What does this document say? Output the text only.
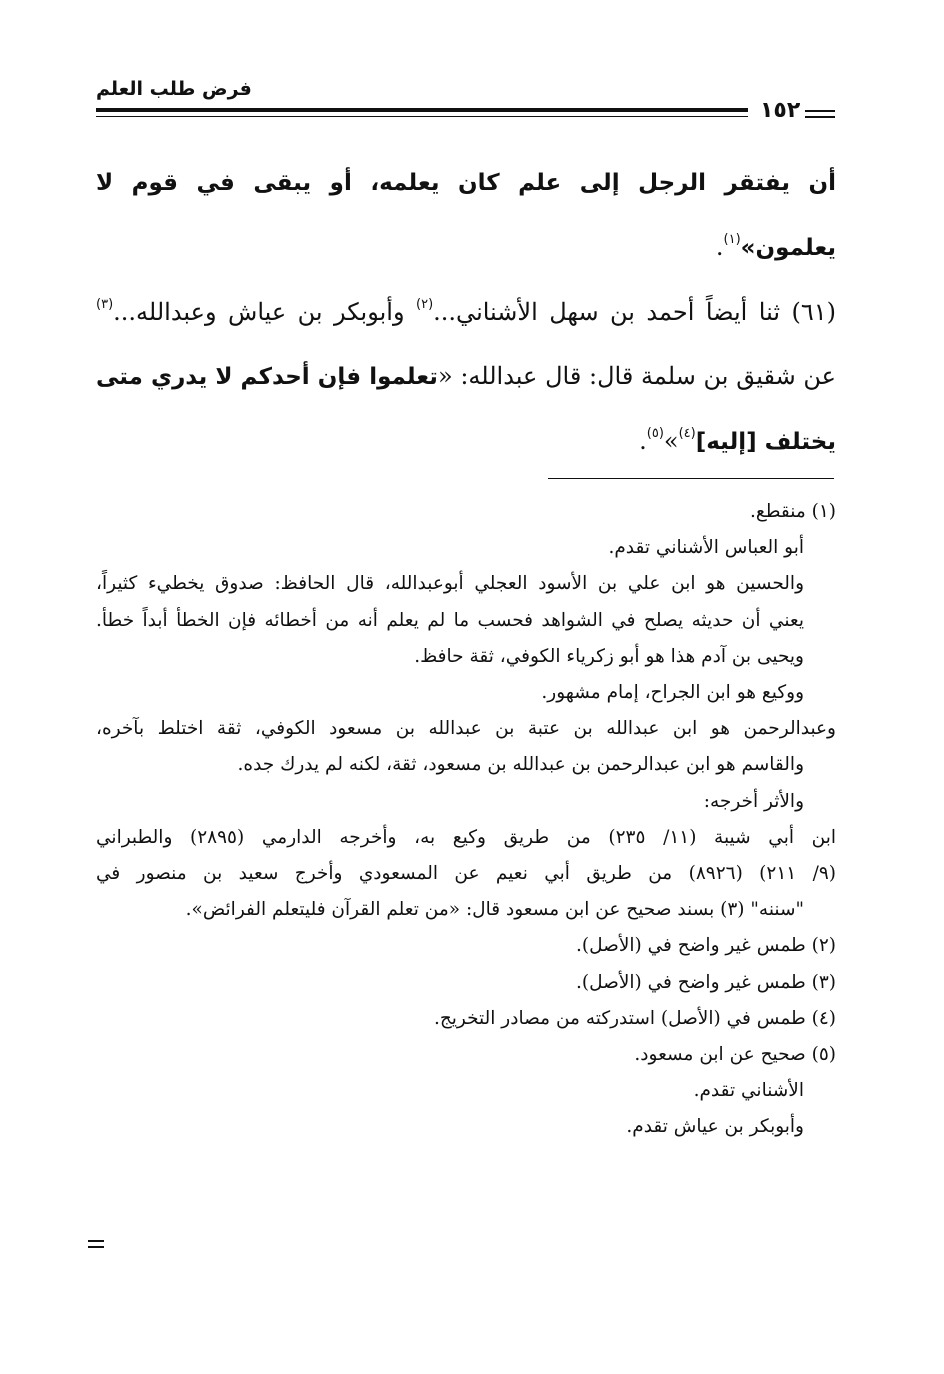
فرض طلب العلم
١٥٢

أن يفتقر الرجل إلى علم كان يعلمه، أو يبقى في قوم لا يعلمون»$^{(١)}$.

(٦١) ثنا أيضاً أحمد بن سهل الأشناني...$^{(٢)}$ وأبوبكر بن عياش وعبدالله...$^{(٣)}$ عن شقيق بن سلمة قال: قال عبدالله: «تعلموا فإن أحدكم لا يدري متى يختلف [إليه]$^{(٤)}$»$^{(٥)}$.

(١) منقطع.

أبو العباس الأشناني تقدم.

والحسين هو ابن علي بن الأسود العجلي أبوعبدالله، قال الحافظ: صدوق يخطيء كثيراً،

يعني أن حديثه يصلح في الشواهد فحسب ما لم يعلم أنه من أخطائه فإن الخطأ أبداً خطأ.

ويحيى بن آدم هذا هو أبو زكرياء الكوفي، ثقة حافظ.

ووكيع هو ابن الجراح، إمام مشهور.

وعبدالرحمن هو ابن عبدالله بن عتبة بن عبدالله بن مسعود الكوفي، ثقة اختلط بآخره،

والقاسم هو ابن عبدالرحمن بن عبدالله بن مسعود، ثقة، لكنه لم يدرك جده.

والأثر أخرجه:

ابن أبي شيبة (١١/ ٢٣٥) من طريق وكيع به، وأخرجه الدارمي (٢٨٩٥) والطبراني

(٩/ ٢١١) (٨٩٢٦) من طريق أبي نعيم عن المسعودي وأخرج سعيد بن منصور في

"سننه" (٣) بسند صحيح عن ابن مسعود قال: «من تعلم القرآن فليتعلم الفرائض».

(٢) طمس غير واضح في (الأصل).

(٣) طمس غير واضح في (الأصل).

(٤) طمس في (الأصل) استدركته من مصادر التخريج.

(٥) صحيح عن ابن مسعود.

الأشناني تقدم.

وأبوبكر بن عياش تقدم.
